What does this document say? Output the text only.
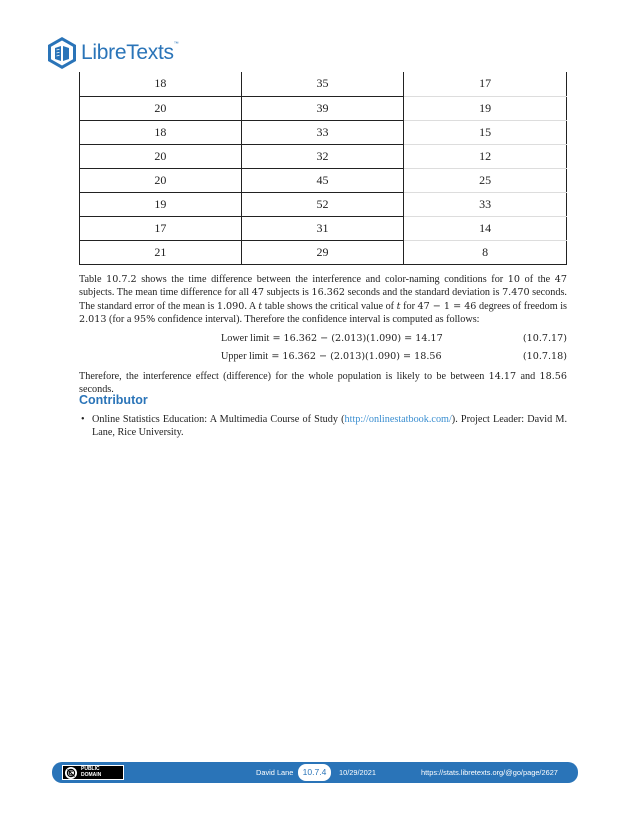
LibreTexts ™
18	35	17
20	39	19
18	33	15
20	32	12
20	45	25
19	52	33
17	31	14
21	29	8

Table 10.7.2 shows the time difference between the interference and color-naming conditions for 10 of the 47 subjects. The mean time difference for all 47 subjects is 16.362 seconds and the standard deviation is 7.470 seconds. The standard error of the mean is 1.090. A t table shows the critical value of t for 47 − 1 = 46 degrees of freedom is 2.013 (for a 95% confidence interval). Therefore the confidence interval is computed as follows:

Lower limit = 16.362 − (2.013)(1.090) = 14.17	(10.7.17)
Upper limit = 16.362 − (2.013)(1.090) = 18.56	(10.7.18)

Therefore, the interference effect (difference) for the whole population is likely to be between 14.17 and 18.56 seconds.

Contributor
• Online Statistics Education: A Multimedia Course of Study (http://onlinestatbook.com/). Project Leader: David M. Lane, Rice University.
PUBLIC
DOMAIN	David Lane	10.7.4	10/29/2021	https://stats.libretexts.org/@go/page/2627
